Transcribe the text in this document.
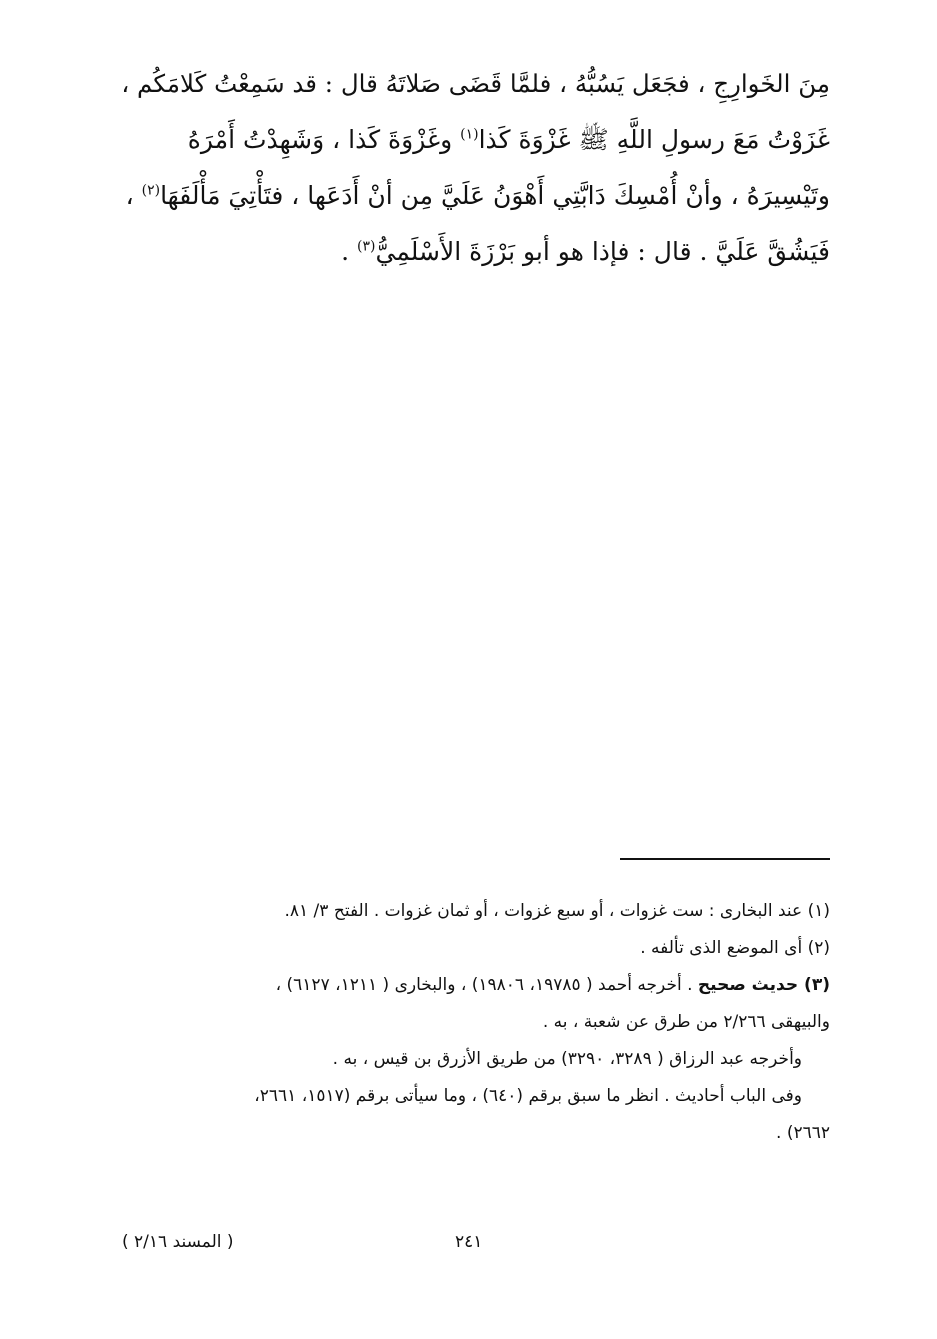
مِنَ الخَوارِجِ ، فجَعَل يَسُبُّهُ ، فلمَّا قَضَى صَلاتَهُ قال : قد سَمِعْتُ كَلامَكُم ،
غَزَوْتُ مَعَ رسولِ اللَّهِ ﷺ غَزْوَةَ كَذا$^{(١)}$ وغَزْوَةَ كَذا ، وَشَهِدْتُ أَمْرَهُ
وتَيْسِيرَهُ ، وأنْ أُمْسِكَ دَابَّتِي أَهْوَنُ عَلَيَّ مِن أنْ أَدَعَها ، فتَأْتِيَ مَأْلَفَهَا$^{(٢)}$ ،
فَيَشُقَّ عَلَيَّ . قال : فإذا هو أبو بَرْزَةَ الأَسْلَمِيُّ$^{(٣)}$ .
(١) عند البخارى : ست غزوات ، أو سبع غزوات ، أو ثمان غزوات . الفتح ٣/ ٨١.
(٢) أى الموضع الذى تألفه .
(٣) حديث صحيح . أخرجه أحمد ( ١٩٧٨٥، ١٩٨٠٦) ، والبخارى ( ١٢١١، ٦١٢٧) ،
والبيهقى ٢/٢٦٦ من طرق عن شعبة ، به .
وأخرجه عبد الرزاق ( ٣٢٨٩، ٣٢٩٠) من طريق الأزرق بن قيس ، به .
وفى الباب أحاديث . انظر ما سبق برقم (٦٤٠) ، وما سيأتى برقم (١٥١٧، ٢٦٦١،
٢٦٦٢) .
٢٤١
( المسند ٢/١٦ )
